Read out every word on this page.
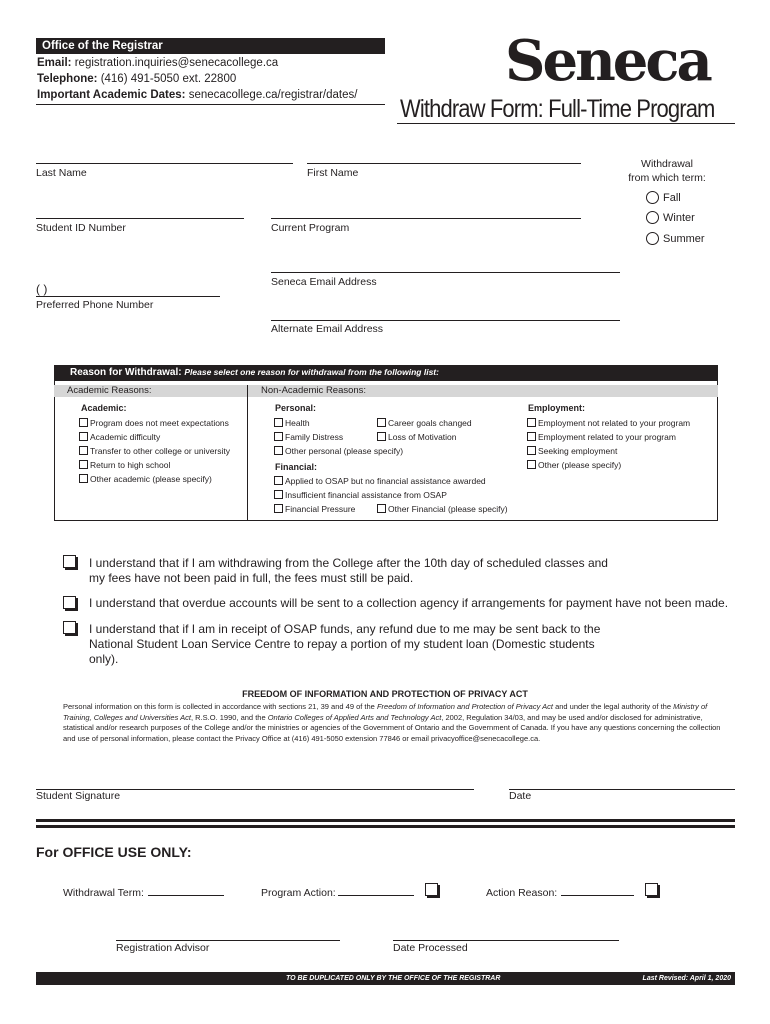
Office of the Registrar
Email: registration.inquiries@senecacollege.ca
Telephone: (416) 491-5050 ext. 22800
Important Academic Dates: senecacollege.ca/registrar/dates/
Seneca
Withdraw Form: Full-Time Program
Last Name	First Name
Student ID Number	Current Program
Seneca Email Address
( )
Preferred Phone Number
Alternate Email Address
Withdrawal
from which term:
Fall
Winter
Summer
Reason for Withdrawal: Please select one reason for withdrawal from the following list:
Academic Reasons:	Non-Academic Reasons:
Academic:
Program does not meet expectations
Academic difficulty
Transfer to other college or university
Return to high school
Other academic (please specify)
Personal:
Health	Career goals changed
Family Distress	Loss of Motivation
Other personal (please specify)
Financial:
Applied to OSAP but no financial assistance awarded
Insufficient financial assistance from OSAP
Financial Pressure	Other Financial (please specify)
Employment:
Employment not related to your program
Employment related to your program
Seeking employment
Other (please specify)
I understand that if I am withdrawing from the College after the 10th day of scheduled classes and my fees have not been paid in full, the fees must still be paid.
I understand that overdue accounts will be sent to a collection agency if arrangements for payment have not been made.
I understand that if I am in receipt of OSAP funds, any refund due to me may be sent back to the National Student Loan Service Centre to repay a portion of my student loan (Domestic students only).
FREEDOM OF INFORMATION AND PROTECTION OF PRIVACY ACT
Personal information on this form is collected in accordance with sections 21, 39 and 49 of the Freedom of Information and Protection of Privacy Act and under the legal authority of the Ministry of Training, Colleges and Universities Act, R.S.O. 1990, and the Ontario Colleges of Applied Arts and Technology Act, 2002, Regulation 34/03, and may be used and/or disclosed for administrative, statistical and/or research purposes of the College and/or the ministries or agencies of the Government of Ontario and the Government of Canada. If you have any questions concerning the collection and use of personal information, please contact the Privacy Office at (416) 491-5050 extension 77846 or email privacyoffice@senecacollege.ca.
Student Signature	Date
For OFFICE USE ONLY:
Withdrawal Term:	Program Action:	Action Reason:
Registration Advisor	Date Processed
TO BE DUPLICATED ONLY BY THE OFFICE OF THE REGISTRAR	Last Revised: April 1, 2020
